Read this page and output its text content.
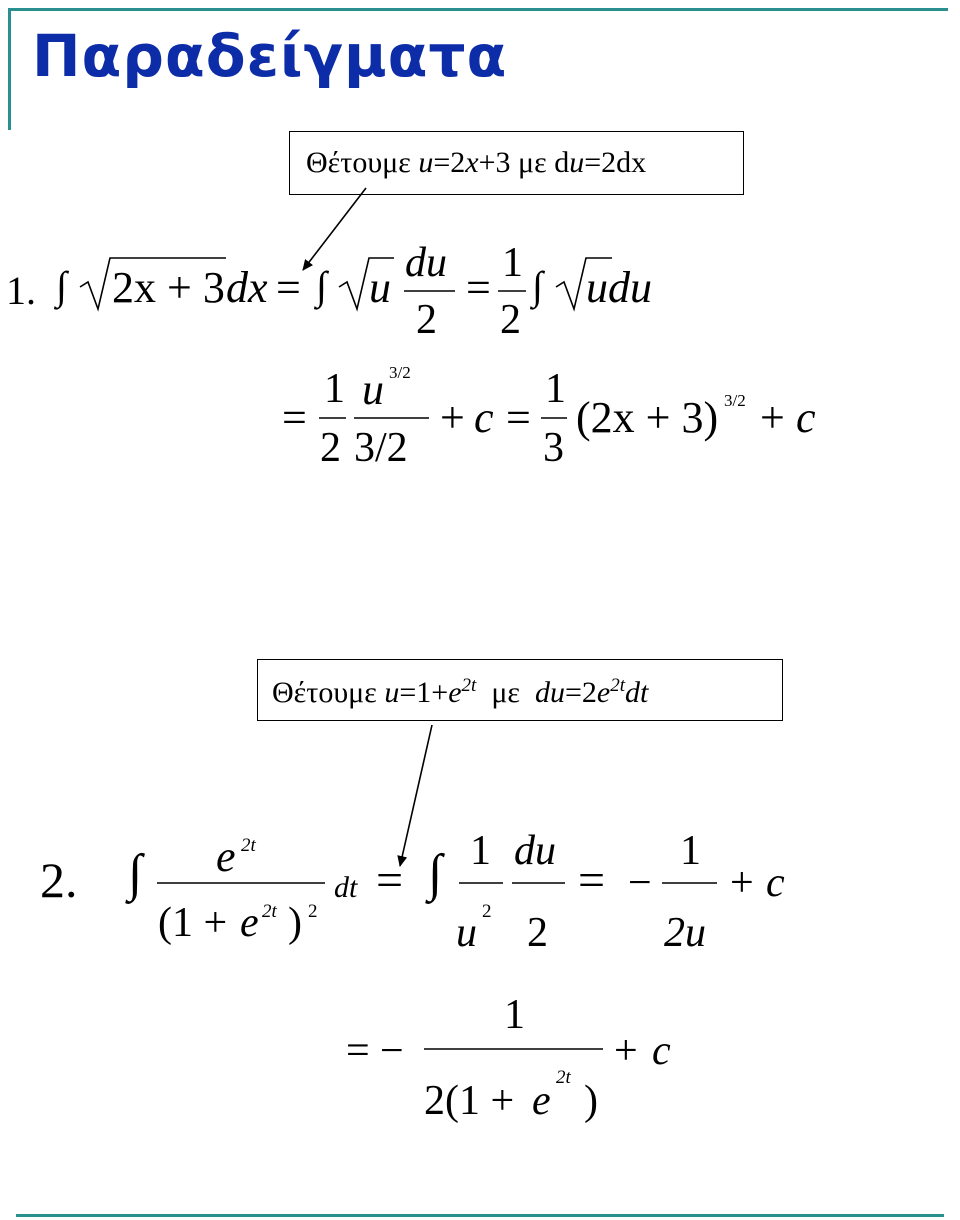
Παραδείγματα
Θέτουμε u=2x+3 με du=2dx
Θέτουμε $u=1+e^{2t}$ με $du=2e^{2t}dt$
1. ∫ 2x + 3 dx = ∫ u du
2
= 1
2
∫ udu
=
1
2
u 3/2
3/2
+ c =
1
3
(2x + 3) 3/2 + c
2. ∫ e 2t
(1 + e 2t ) 2
dt = ∫ 1
u 2
du
2
= −
1
2u
+ c
= −
1
2(1 + e
2t
)
+ c
